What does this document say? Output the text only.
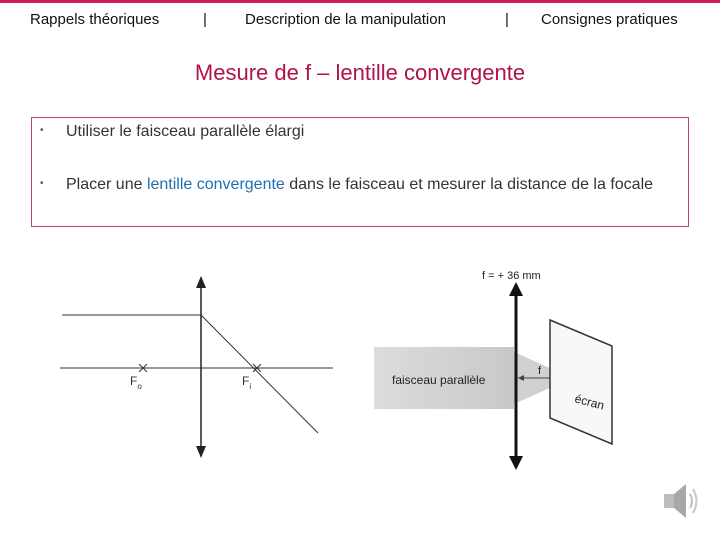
Rappels théoriques	|	Description de la manipulation	| Consignes pratiques
Mesure de f – lentille convergente
• Utiliser le faisceau parallèle élargi
• Placer une lentille convergente dans le faisceau et mesurer la distance de la focale
$F_o$	$F_i$	faisceau parallèle
f = + 36 mm
f
écran
